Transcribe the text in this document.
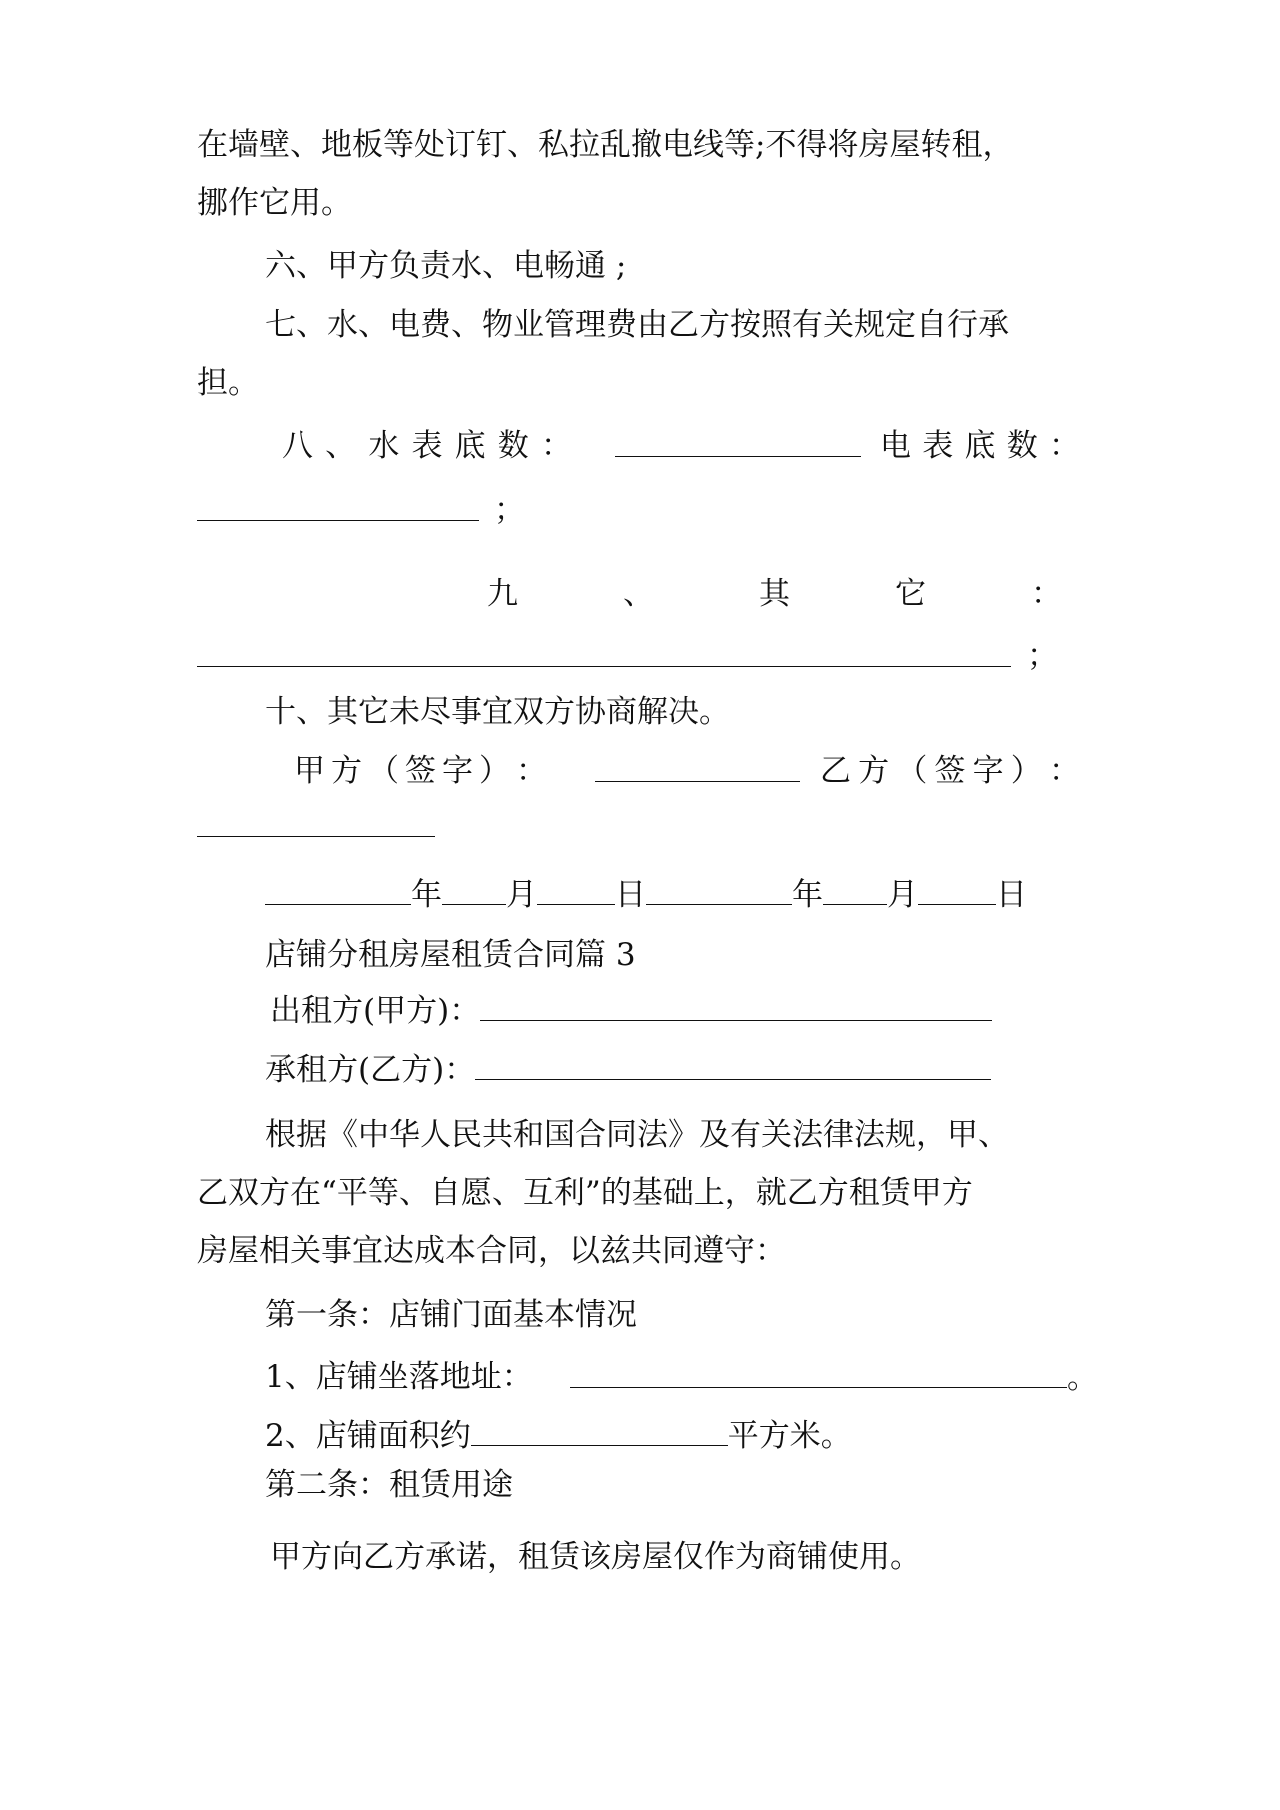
在墙壁、地板等处订钉、私拉乱撤电线等;不得将房屋转租，

挪作它用。

六、甲方负责水、电畅通 ;

七、水、电费、物业管理费由乙方按照有关规定自行承

担。

八 、 水 表 底 数 ：	电 表 底 数 ：

；

九	、	其	它	：

；

十、其它未尽事宜双方协商解决。

甲 方 （ 签 字 ） ：	乙 方 （ 签 字 ） ：
年 月	日	年 月	日

店铺分租房屋租赁合同篇 3

出租方(甲方)：
承租方(乙方)：

根据《中华人民共和国合同法》及有关法律法规，甲、

乙双方在“平等、自愿、互利”的基础上，就乙方租赁甲方

房屋相关事宜达成本合同，以兹共同遵守：

第一条：店铺门面基本情况

1、店铺坐落地址：	。
2、店铺面积约	平方米。

第二条：租赁用途

甲方向乙方承诺，租赁该房屋仅作为商铺使用。
